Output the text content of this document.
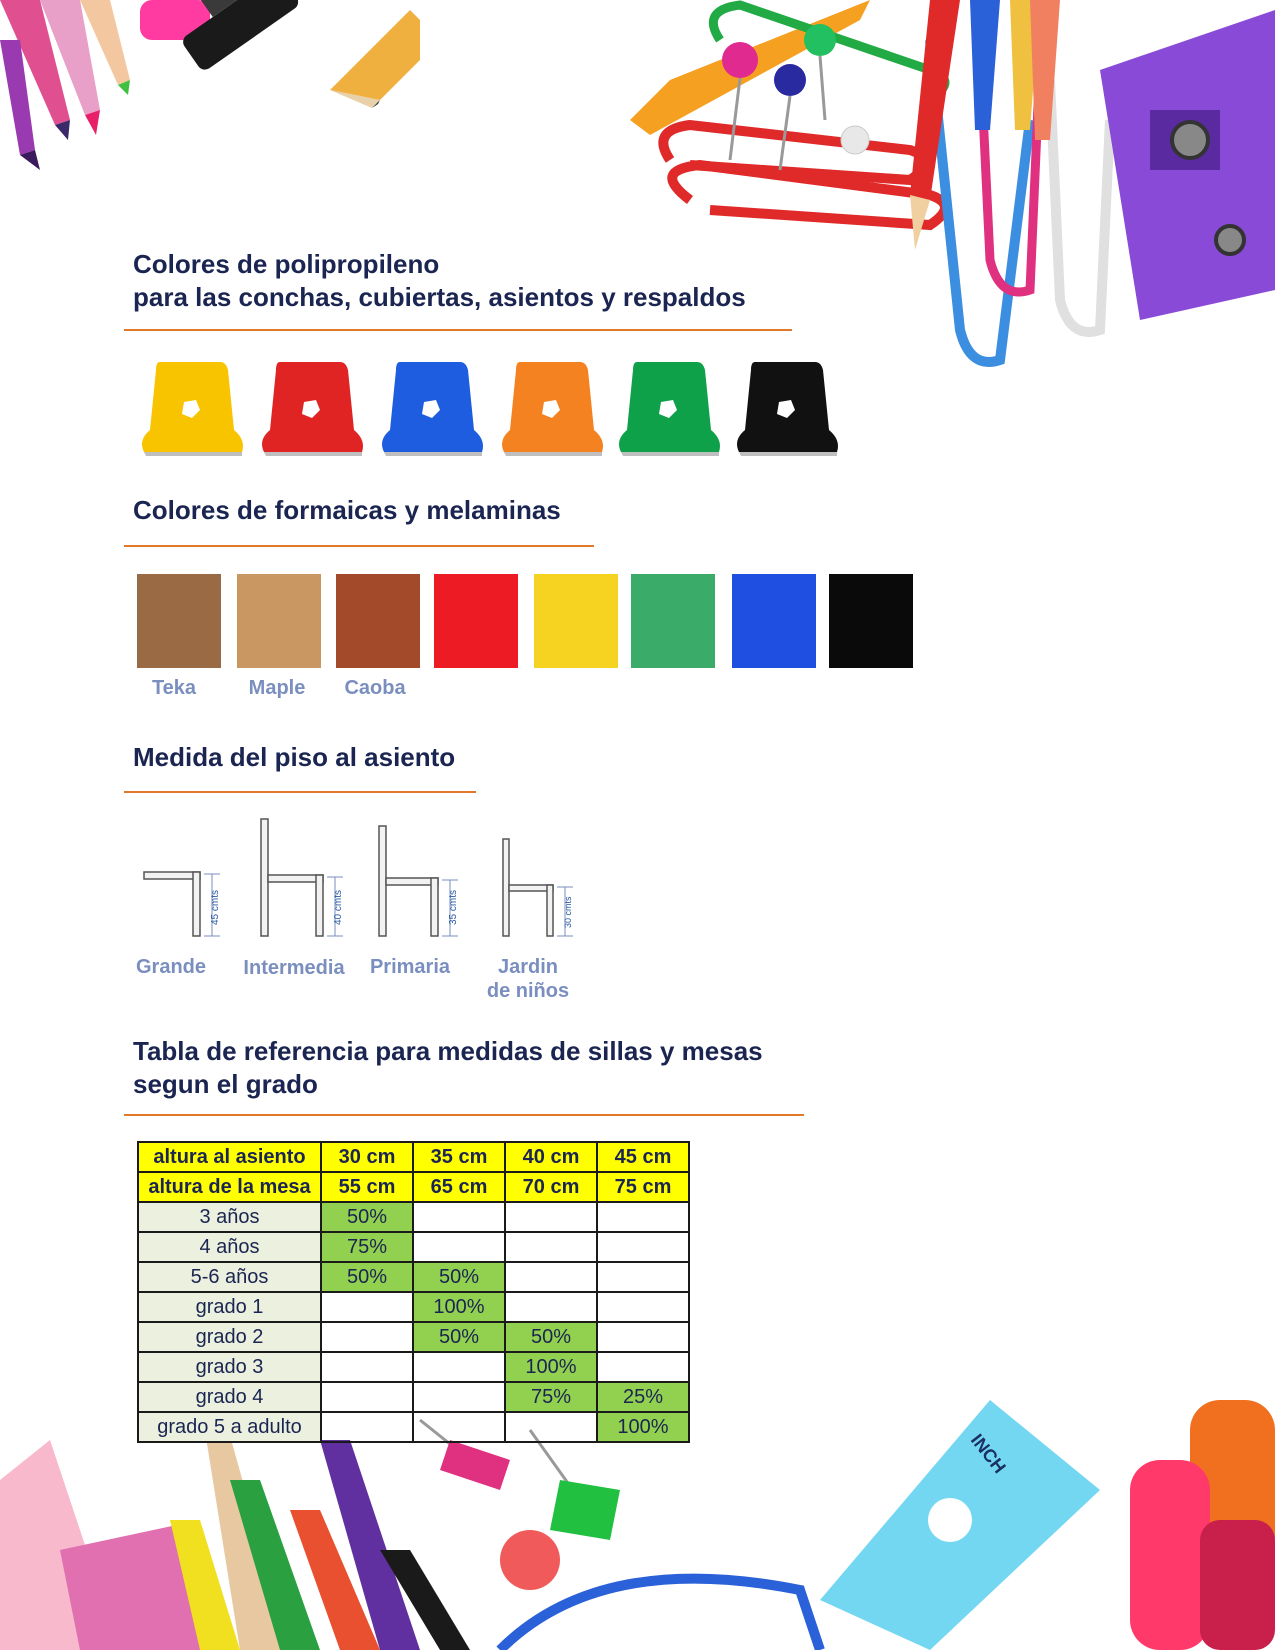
INCH
Colores de polipropileno
para las conchas, cubiertas, asientos y respaldos
Colores de formaicas y melaminas
Teka	Maple	Caoba
Medida del piso al asiento
45 cmts	40 cmts	35 cmts	30 cmts
Grande Intermedia Primaria	Jardin
de niños
Tabla de referencia para medidas de sillas y mesas
segun el grado
altura al asiento	30 cm	35 cm	40 cm	45 cm
altura de la mesa	55 cm	65 cm	70 cm	75 cm
3 años	50%			
4 años	75%			
5-6 años	50%	50%		
grado 1		100%		
grado 2		50%	50%	
grado 3			100%	
grado 4			75%	25%
grado 5 a adulto				100%
